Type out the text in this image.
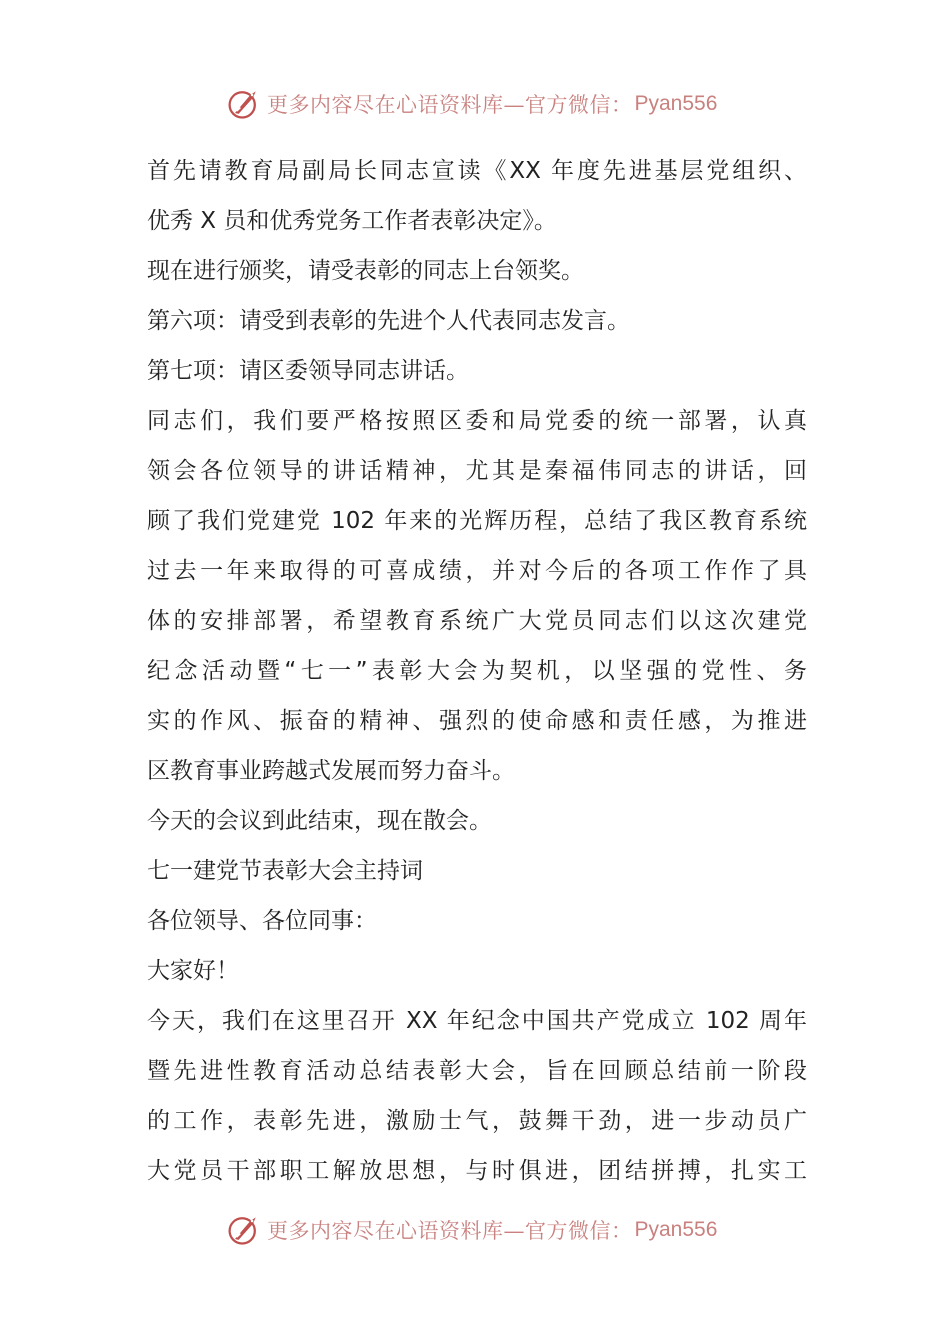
更多内容尽在心语资料库—官方微信： Pyan556
首先请教育局副局长同志宣读《XX 年度先进基层党组织、
优秀 X 员和优秀党务工作者表彰决定》。
现在进行颁奖，请受表彰的同志上台领奖。
第六项：请受到表彰的先进个人代表同志发言。
第七项：请区委领导同志讲话。
同志们，我们要严格按照区委和局党委的统一部署，认真
领会各位领导的讲话精神，尤其是秦福伟同志的讲话，回
顾了我们党建党 102 年来的光辉历程，总结了我区教育系统
过去一年来取得的可喜成绩，并对今后的各项工作作了具
体的安排部署，希望教育系统广大党员同志们以这次建党
纪念活动暨“七一”表彰大会为契机，以坚强的党性、务
实的作风、振奋的精神、强烈的使命感和责任感，为推进
区教育事业跨越式发展而努力奋斗。
今天的会议到此结束，现在散会。
七一建党节表彰大会主持词
各位领导、各位同事：
大家好！
今天，我们在这里召开 XX 年纪念中国共产党成立 102 周年
暨先进性教育活动总结表彰大会，旨在回顾总结前一阶段
的工作，表彰先进，激励士气，鼓舞干劲，进一步动员广
大党员干部职工解放思想，与时俱进，团结拼搏，扎实工
更多内容尽在心语资料库—官方微信： Pyan556
